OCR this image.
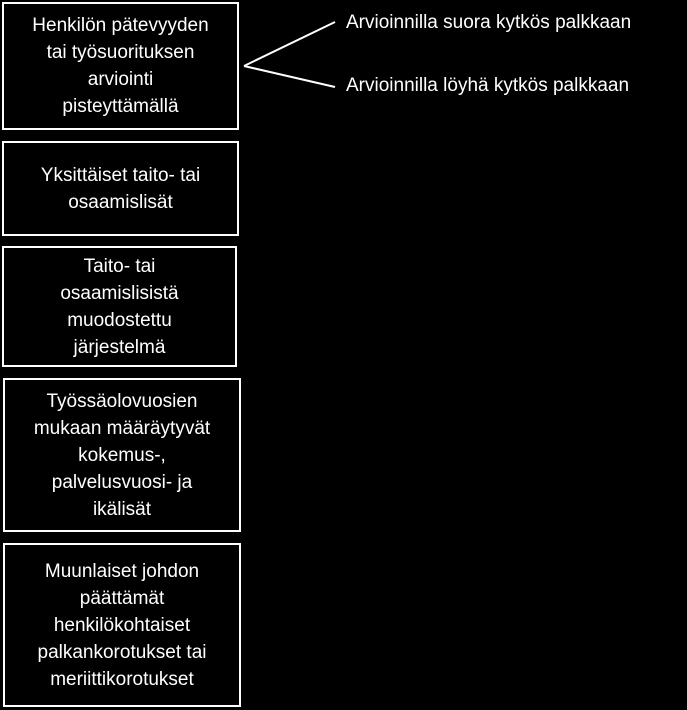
Henkilön pätevyyden
tai työsuorituksen
arviointi
pisteyttämällä
Yksittäiset taito- tai
osaamislisät
Taito- tai
osaamislisistä
muodostettu
järjestelmä
Työssäolovuosien
mukaan määräytyvät
kokemus-,
palvelusvuosi- ja
ikälisät
Muunlaiset johdon
päättämät
henkilökohtaiset
palkankorotukset tai
meriittikorotukset
Arvioinnilla suora kytkös palkkaan
Arvioinnilla löyhä kytkös palkkaan
